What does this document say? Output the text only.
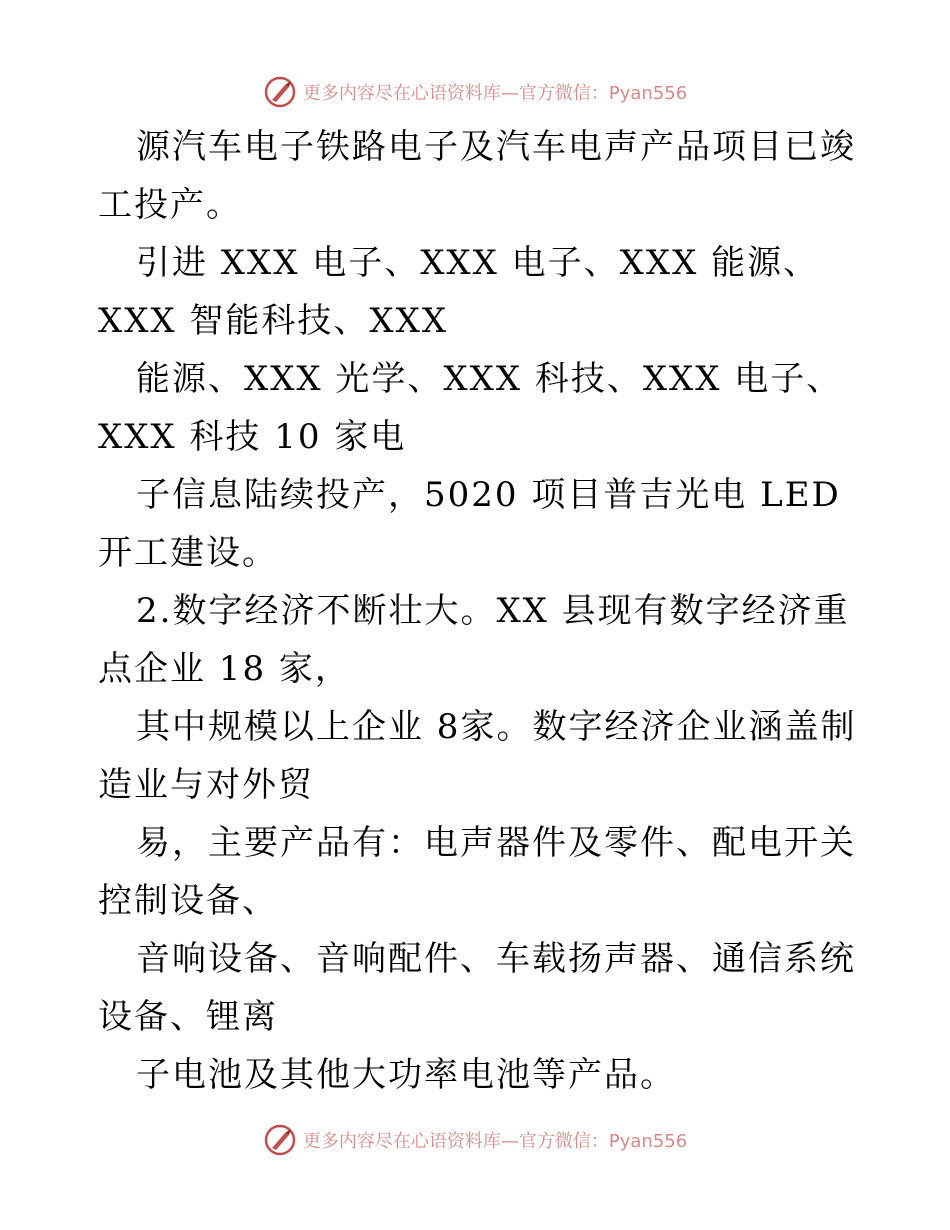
更多内容尽在心语资料库—官方微信：Pyan556

源汽车电子铁路电子及汽车电声产品项目已竣工投产。

引进 XXX 电子、XXX 电子、XXX 能源、XXX 智能科技、XXX

能源、XXX 光学、XXX 科技、XXX 电子、XXX 科技 10 家电

子信息陆续投产，5020 项目普吉光电 LED 开工建设。

2.数字经济不断壮大。XX 县现有数字经济重点企业 18 家，

其中规模以上企业 8家。数字经济企业涵盖制造业与对外贸

易，主要产品有：电声器件及零件、配电开关控制设备、

音响设备、音响配件、车载扬声器、通信系统设备、锂离

子电池及其他大功率电池等产品。

更多内容尽在心语资料库—官方微信：Pyan556
